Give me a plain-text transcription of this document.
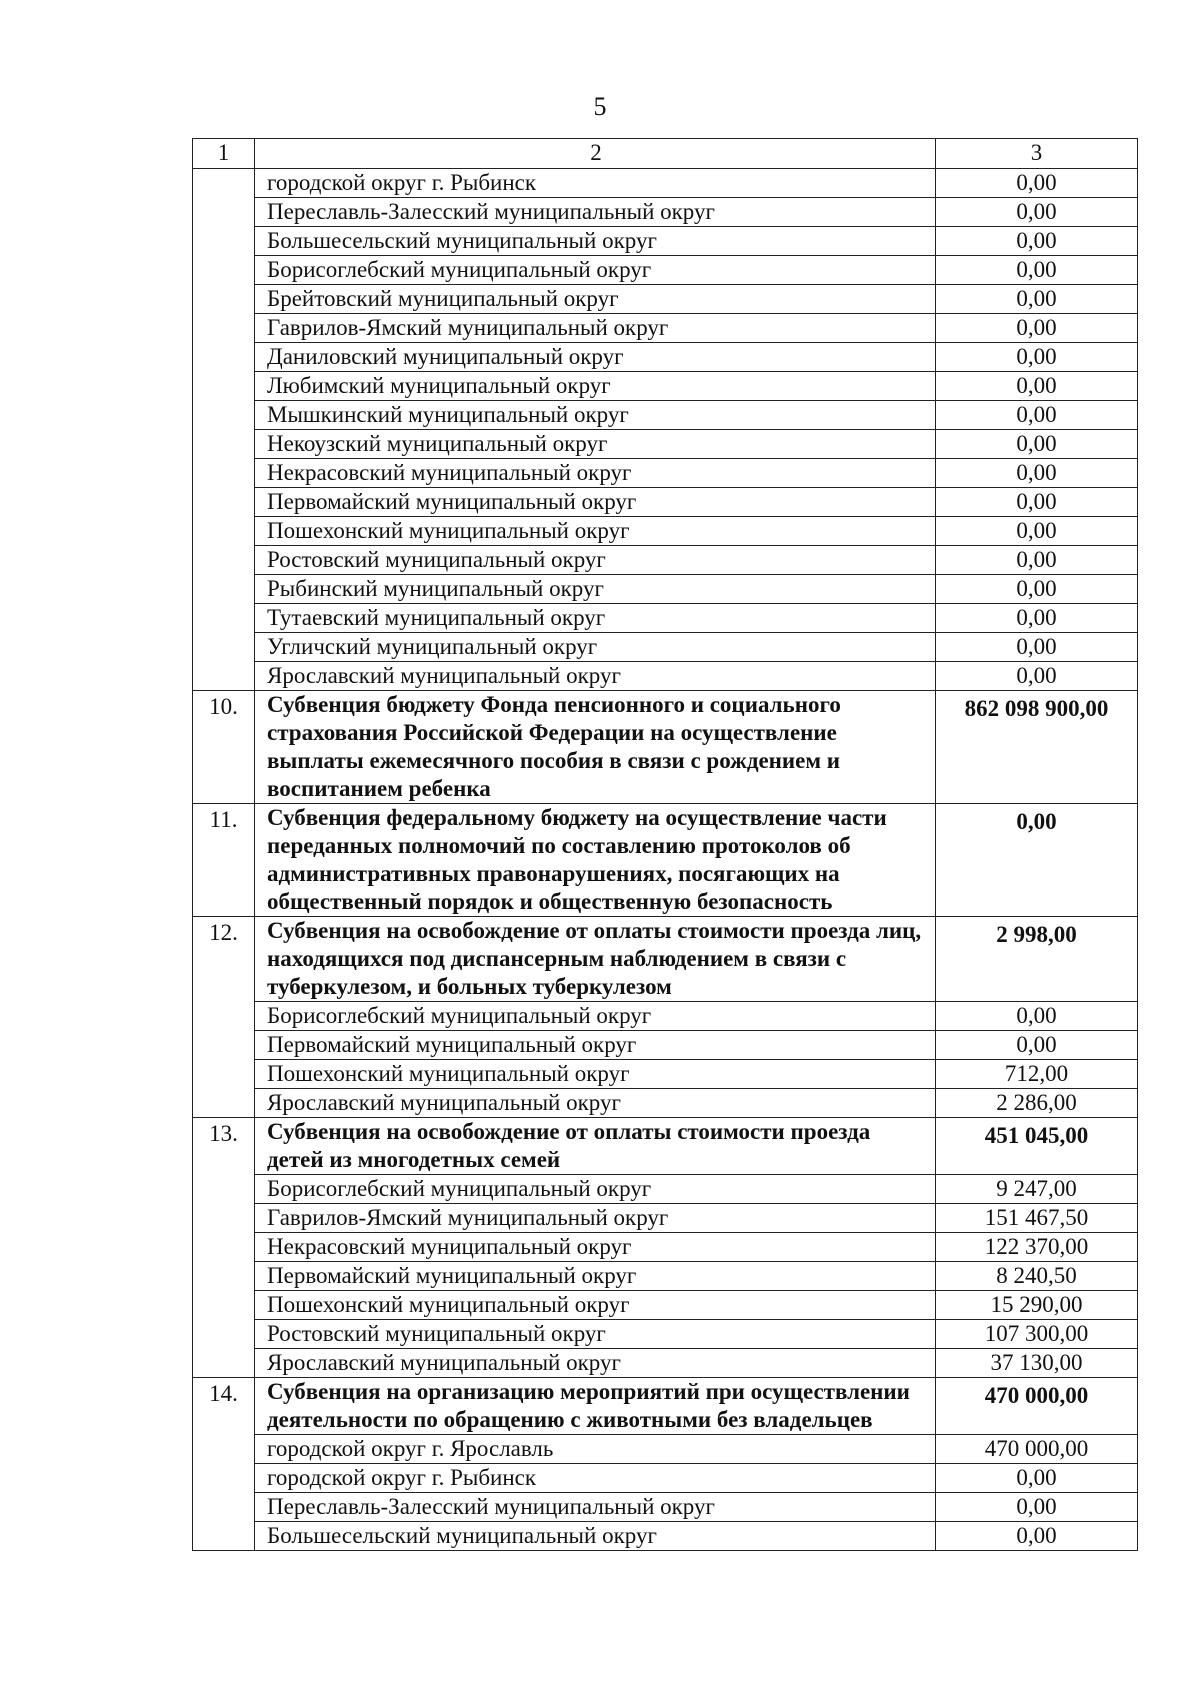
5
1	2	3
	городской округ г. Рыбинск	0,00
	Переславль-Залесский муниципальный округ	0,00
	Большесельский муниципальный округ	0,00
	Борисоглебский муниципальный округ	0,00
	Брейтовский муниципальный округ	0,00
	Гаврилов-Ямский муниципальный округ	0,00
	Даниловский муниципальный округ	0,00
	Любимский муниципальный округ	0,00
	Мышкинский муниципальный округ	0,00
	Некоузский муниципальный округ	0,00
	Некрасовский муниципальный округ	0,00
	Первомайский муниципальный округ	0,00
	Пошехонский муниципальный округ	0,00
	Ростовский муниципальный округ	0,00
	Рыбинский муниципальный округ	0,00
	Тутаевский муниципальный округ	0,00
	Угличский муниципальный округ	0,00
	Ярославский муниципальный округ	0,00
10.	Субвенция бюджету Фонда пенсионного и социального страхования Российской Федерации на осуществление выплаты ежемесячного пособия в связи с рождением и воспитанием ребенка	862 098 900,00
11.	Субвенция федеральному бюджету на осуществление части переданных полномочий по составлению протоколов об административных правонарушениях, посягающих на общественный порядок и общественную безопасность	0,00
12.	Субвенция на освобождение от оплаты стоимости проезда лиц, находящихся под диспансерным наблюдением в связи с туберкулезом, и больных туберкулезом	2 998,00
	Борисоглебский муниципальный округ	0,00
	Первомайский муниципальный округ	0,00
	Пошехонский муниципальный округ	712,00
	Ярославский муниципальный округ	2 286,00
13.	Субвенция на освобождение от оплаты стоимости проезда детей из многодетных семей	451 045,00
	Борисоглебский муниципальный округ	9 247,00
	Гаврилов-Ямский муниципальный округ	151 467,50
	Некрасовский муниципальный округ	122 370,00
	Первомайский муниципальный округ	8 240,50
	Пошехонский муниципальный округ	15 290,00
	Ростовский муниципальный округ	107 300,00
	Ярославский муниципальный округ	37 130,00
14.	Субвенция на организацию мероприятий при осуществлении деятельности по обращению с животными без владельцев	470 000,00
	городской округ г. Ярославль	470 000,00
	городской округ г. Рыбинск	0,00
	Переславль-Залесский муниципальный округ	0,00
	Большесельский муниципальный округ	0,00
